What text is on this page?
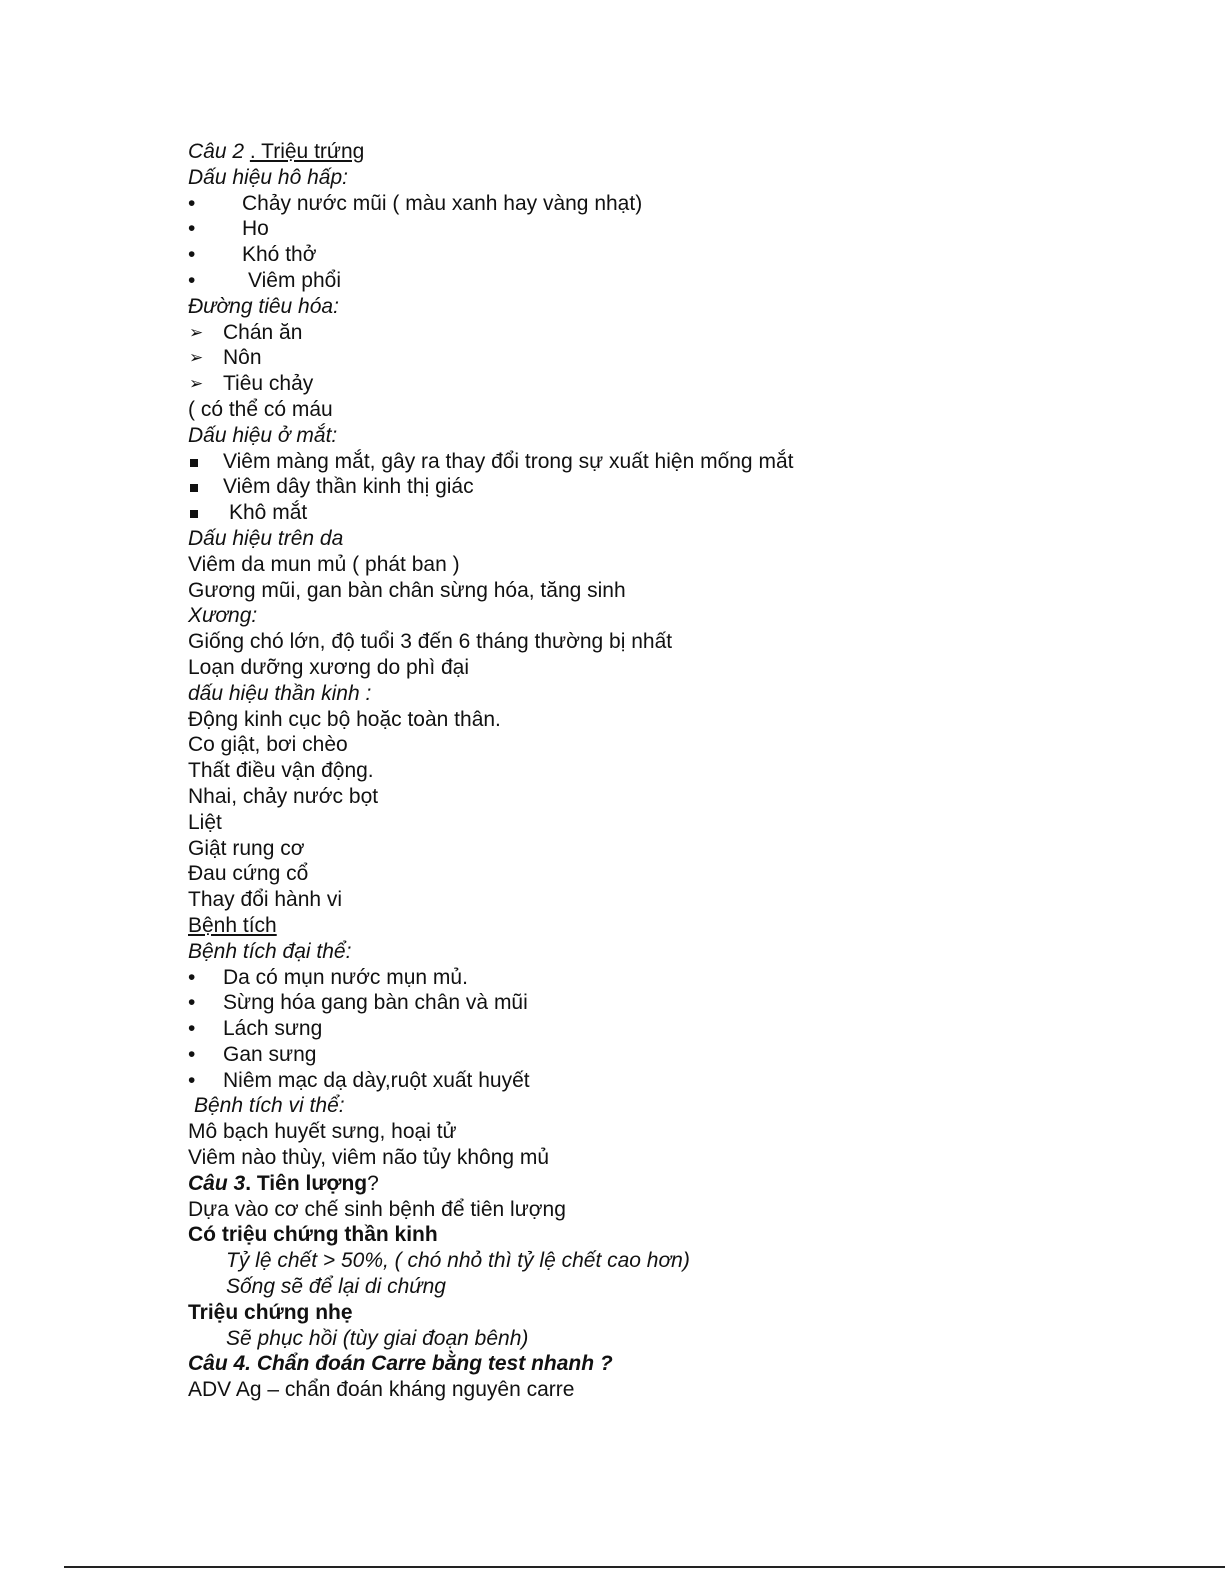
Câu 2 . Triệu trứng
Dấu hiệu hô hấp:
• Chảy nước mũi ( màu xanh hay vàng nhạt)
• Ho
• Khó thở
•	Viêm phổi
Đường tiêu hóa:
➢ Chán ăn
➢ Nôn
➢ Tiêu chảy
( có thể có máu
Dấu hiệu ở mắt:
Viêm màng mắt, gây ra thay đổi trong sự xuất hiện mống mắt
Viêm dây thần kinh thị giác
Khô mắt
Dấu hiệu trên da
Viêm da mun mủ ( phát ban )
Gương mũi, gan bàn chân sừng hóa, tăng sinh
Xương:
Giống chó lớn, độ tuổi 3 đến 6 tháng thường bị nhất
Loạn dưỡng xương do phì đại
dấu hiệu thần kinh :
Động kinh cục bộ hoặc toàn thân.
Co giật, bơi chèo
Thất điều vận động.
Nhai, chảy nước bọt
Liệt
Giật rung cơ
Đau cứng cổ
Thay đổi hành vi
Bệnh tích
Bệnh tích đại thể:
• Da có mụn nước mụn mủ.
• Sừng hóa gang bàn chân và mũi
• Lách sưng
• Gan sưng
• Niêm mạc dạ dày,ruột xuất huyết
Bệnh tích vi thể:
Mô bạch huyết sưng, hoại tử
Viêm nào thùy, viêm não tủy không mủ
Câu 3. Tiên lượng?
Dựa vào cơ chế sinh bệnh để tiên lượng
Có triệu chứng thần kinh
Tỷ lệ chết > 50%, ( chó nhỏ thì tỷ lệ chết cao hơn)
Sống sẽ để lại di chứng
Triệu chứng nhẹ
Sẽ phục hồi (tùy giai đoạn bênh)
Câu 4. Chẩn đoán Carre bằng test nhanh ?
ADV Ag – chẩn đoán kháng nguyên carre
